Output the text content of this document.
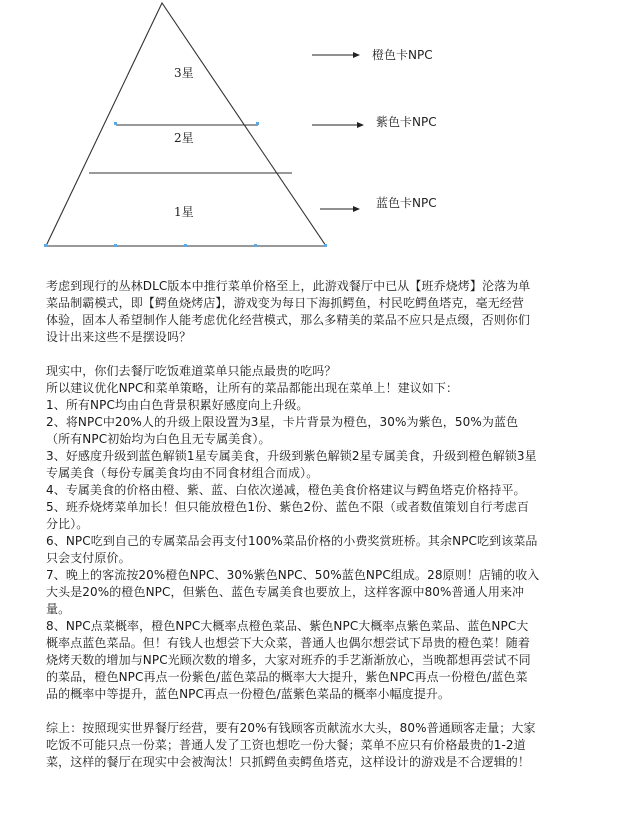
3星
2星
1星
橙色卡NPC
紫色卡NPC
蓝色卡NPC
考虑到现行的丛林DLC版本中推行菜单价格至上，此游戏餐厅中已从【班乔烧烤】沦落为单
菜品制霸模式，即【鳄鱼烧烤店】，游戏变为每日下海抓鳄鱼，村民吃鳄鱼塔克，毫无经营
体验，固本人希望制作人能考虑优化经营模式，那么多精美的菜品不应只是点缀，否则你们
设计出来这些不是摆设吗？
现实中，你们去餐厅吃饭难道菜单只能点最贵的吃吗？
所以建议优化NPC和菜单策略，让所有的菜品都能出现在菜单上！建议如下：
1、所有NPC均由白色背景积累好感度向上升级。
2、将NPC中20%人的升级上限设置为3星，卡片背景为橙色，30%为紫色，50%为蓝色
（所有NPC初始均为白色且无专属美食）。
3、好感度升级到蓝色解锁1星专属美食，升级到紫色解锁2星专属美食，升级到橙色解锁3星
专属美食（每份专属美食均由不同食材组合而成）。
4、专属美食的价格由橙、紫、蓝、白依次递减，橙色美食价格建议与鳄鱼塔克价格持平。
5、班乔烧烤菜单加长！但只能放橙色1份、紫色2份、蓝色不限（或者数值策划自行考虑百
分比）。
6、NPC吃到自己的专属菜品会再支付100%菜品价格的小费奖赏班桥。其余NPC吃到该菜品
只会支付原价。
7、晚上的客流按20%橙色NPC、30%紫色NPC、50%蓝色NPC组成。28原则！店铺的收入
大头是20%的橙色NPC，但紫色、蓝色专属美食也要放上，这样客源中80%普通人用来冲
量。
8、NPC点菜概率，橙色NPC大概率点橙色菜品、紫色NPC大概率点紫色菜品、蓝色NPC大
概率点蓝色菜品。但！有钱人也想尝下大众菜，普通人也偶尔想尝试下昂贵的橙色菜！随着
烧烤天数的增加与NPC光顾次数的增多，大家对班乔的手艺渐渐放心，当晚都想再尝试不同
的菜品，橙色NPC再点一份紫色/蓝色菜品的概率大大提升，紫色NPC再点一份橙色/蓝色菜
品的概率中等提升，蓝色NPC再点一份橙色/蓝紫色菜品的概率小幅度提升。
综上：按照现实世界餐厅经营，要有20%有钱顾客贡献流水大头，80%普通顾客走量；大家
吃饭不可能只点一份菜；普通人发了工资也想吃一份大餐；菜单不应只有价格最贵的1-2道
菜，这样的餐厅在现实中会被淘汰！只抓鳄鱼卖鳄鱼塔克，这样设计的游戏是不合逻辑的！
